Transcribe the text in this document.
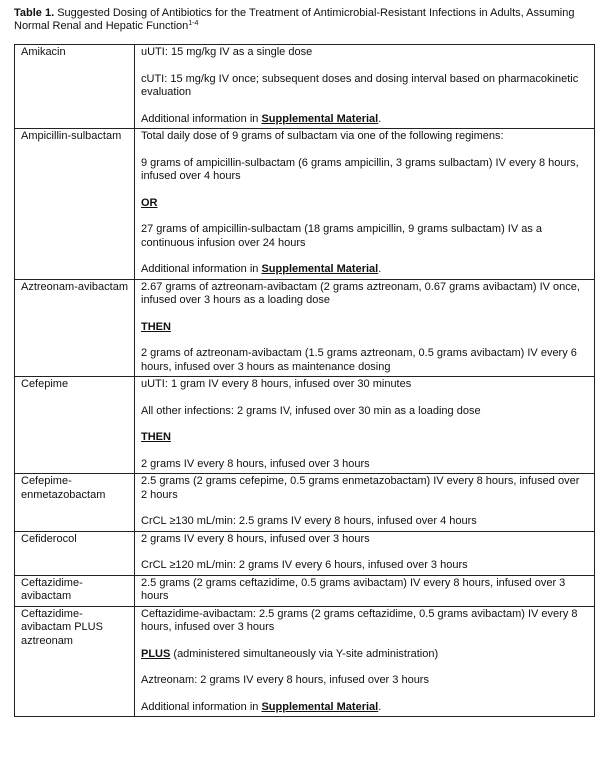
Table 1. Suggested Dosing of Antibiotics for the Treatment of Antimicrobial-Resistant Infections in Adults, Assuming Normal Renal and Hepatic Function$^{1-4}$
Amikacin	uUTI: 15 mg/kg IV as a single dose

cUTI: 15 mg/kg IV once; subsequent doses and dosing interval based on pharmacokinetic evaluation

Additional information in Supplemental Material.

Ampicillin-sulbactam	Total daily dose of 9 grams of sulbactam via one of the following regimens:

9 grams of ampicillin-sulbactam (6 grams ampicillin, 3 grams sulbactam) IV every 8 hours, infused over 4 hours

OR

27 grams of ampicillin-sulbactam (18 grams ampicillin, 9 grams sulbactam) IV as a continuous infusion over 24 hours

Additional information in Supplemental Material.

Aztreonam-avibactam	2.67 grams of aztreonam-avibactam (2 grams aztreonam, 0.67 grams avibactam) IV once, infused over 3 hours as a loading dose

THEN

2 grams of aztreonam-avibactam (1.5 grams aztreonam, 0.5 grams avibactam) IV every 6 hours, infused over 3 hours as maintenance dosing

Cefepime	uUTI: 1 gram IV every 8 hours, infused over 30 minutes

All other infections: 2 grams IV, infused over 30 min as a loading dose

THEN

2 grams IV every 8 hours, infused over 3 hours

Cefepime-enmetazobactam	2.5 grams (2 grams cefepime, 0.5 grams enmetazobactam) IV every 8 hours, infused over 2 hours

CrCL ≥130 mL/min: 2.5 grams IV every 8 hours, infused over 4 hours

Cefiderocol	2 grams IV every 8 hours, infused over 3 hours

CrCL ≥120 mL/min: 2 grams IV every 6 hours, infused over 3 hours

Ceftazidime-avibactam	2.5 grams (2 grams ceftazidime, 0.5 grams avibactam) IV every 8 hours, infused over 3 hours

Ceftazidime-avibactam PLUS aztreonam	Ceftazidime-avibactam: 2.5 grams (2 grams ceftazidime, 0.5 grams avibactam) IV every 8 hours, infused over 3 hours

PLUS (administered simultaneously via Y-site administration)

Aztreonam: 2 grams IV every 8 hours, infused over 3 hours

Additional information in Supplemental Material.
